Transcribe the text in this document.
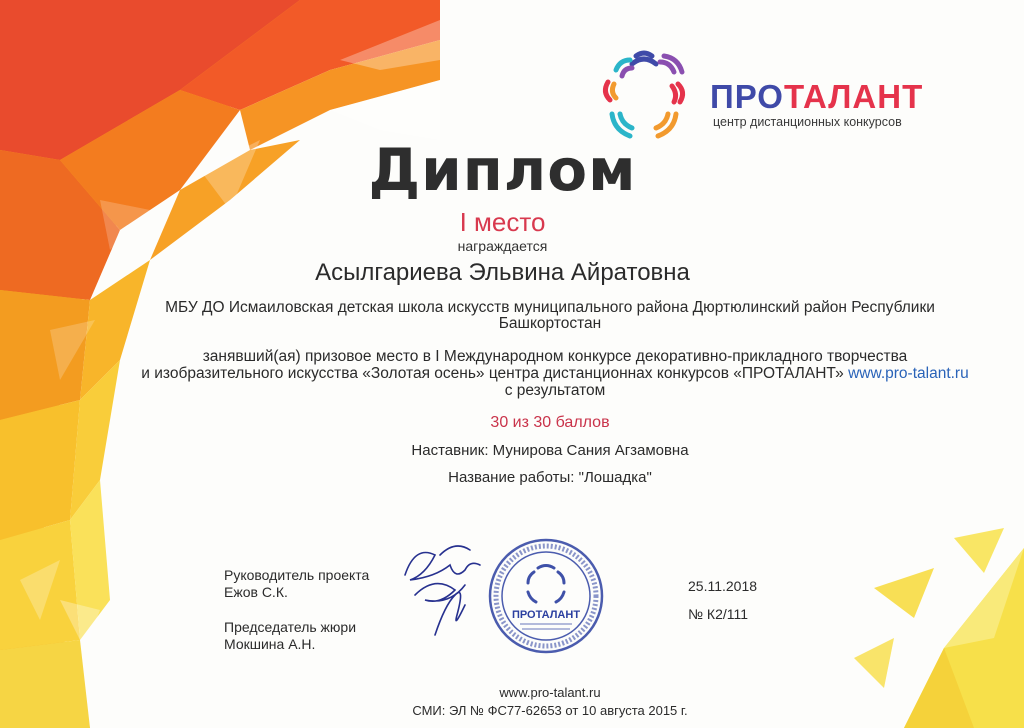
ПРОТАЛАНТ
центр дистанционных конкурсов
Диплом
I место
награждается
Асылгариева Эльвина Айратовна
МБУ ДО Исмаиловская детская школа искусств муниципального района Дюртюлинский район Республики
Башкортостан
занявший(ая) призовое место в I Международном конкурсе декоративно-прикладного творчества
и изобразительного искусства «Золотая осень» центра дистанционнах конкурсов «ПРОТАЛАНТ» www.pro-talant.ru
с результатом
30 из 30 баллов
Наставник: Мунирова Сания Агзамовна
Название работы: "Лошадка"
Руководитель проекта
Ежов С.К.
Председатель жюри
Мокшина А.Н.
ПРОТАЛАНТ
25.11.2018
№ К2/111
www.pro-talant.ru
СМИ: ЭЛ № ФС77-62653 от 10 августа 2015 г.
